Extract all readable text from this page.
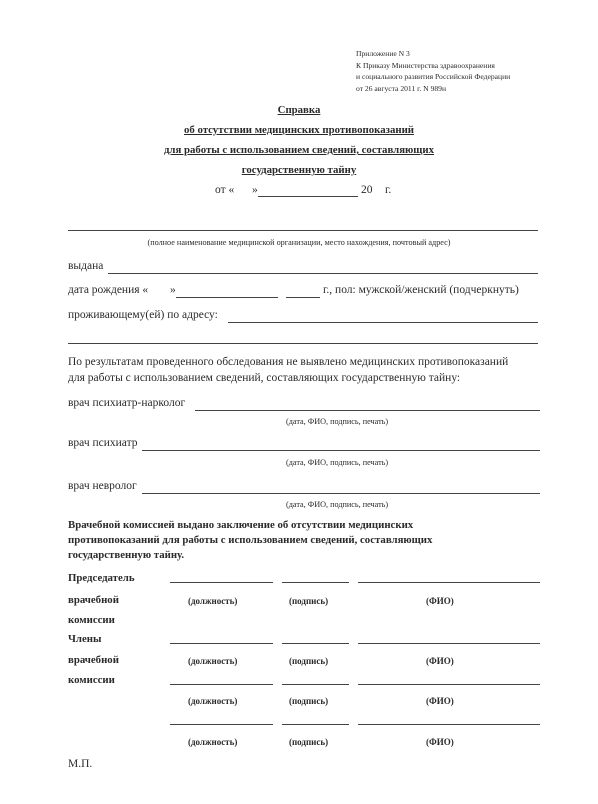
Приложение N 3
К Приказу Министерства здравоохранения
и социального развития Российской Федерации
от 26 августа 2011 г. N 989н
Справка
об отсутствии медицинских противопоказаний
для работы с использованием сведений, составляющих
государственную тайну
от « »	20 г.
(полное наименование медицинской организации, место нахождения, почтовый адрес)
выдана
дата рождения « »	г., пол: мужской/женский (подчеркнуть)
проживающему(ей) по адресу:
По результатам проведенного обследования не выявлено медицинских противопоказаний
для работы с использованием сведений, составляющих государственную тайну:
врач психиатр-нарколог
(дата, ФИО, подпись, печать)
врач психиатр
(дата, ФИО, подпись, печать)
врач невролог
(дата, ФИО, подпись, печать)
Врачебной комиссией выдано заключение об отсутствии медицинских
противопоказаний для работы с использованием сведений, составляющих
государственную тайну.
Председатель
врачебной	(должность)	(подпись)	(ФИО)
комиссии
Члены
врачебной	(должность)	(подпись)	(ФИО)
комиссии
(должность)	(подпись)	(ФИО)
(должность)	(подпись)	(ФИО)
М.П.
